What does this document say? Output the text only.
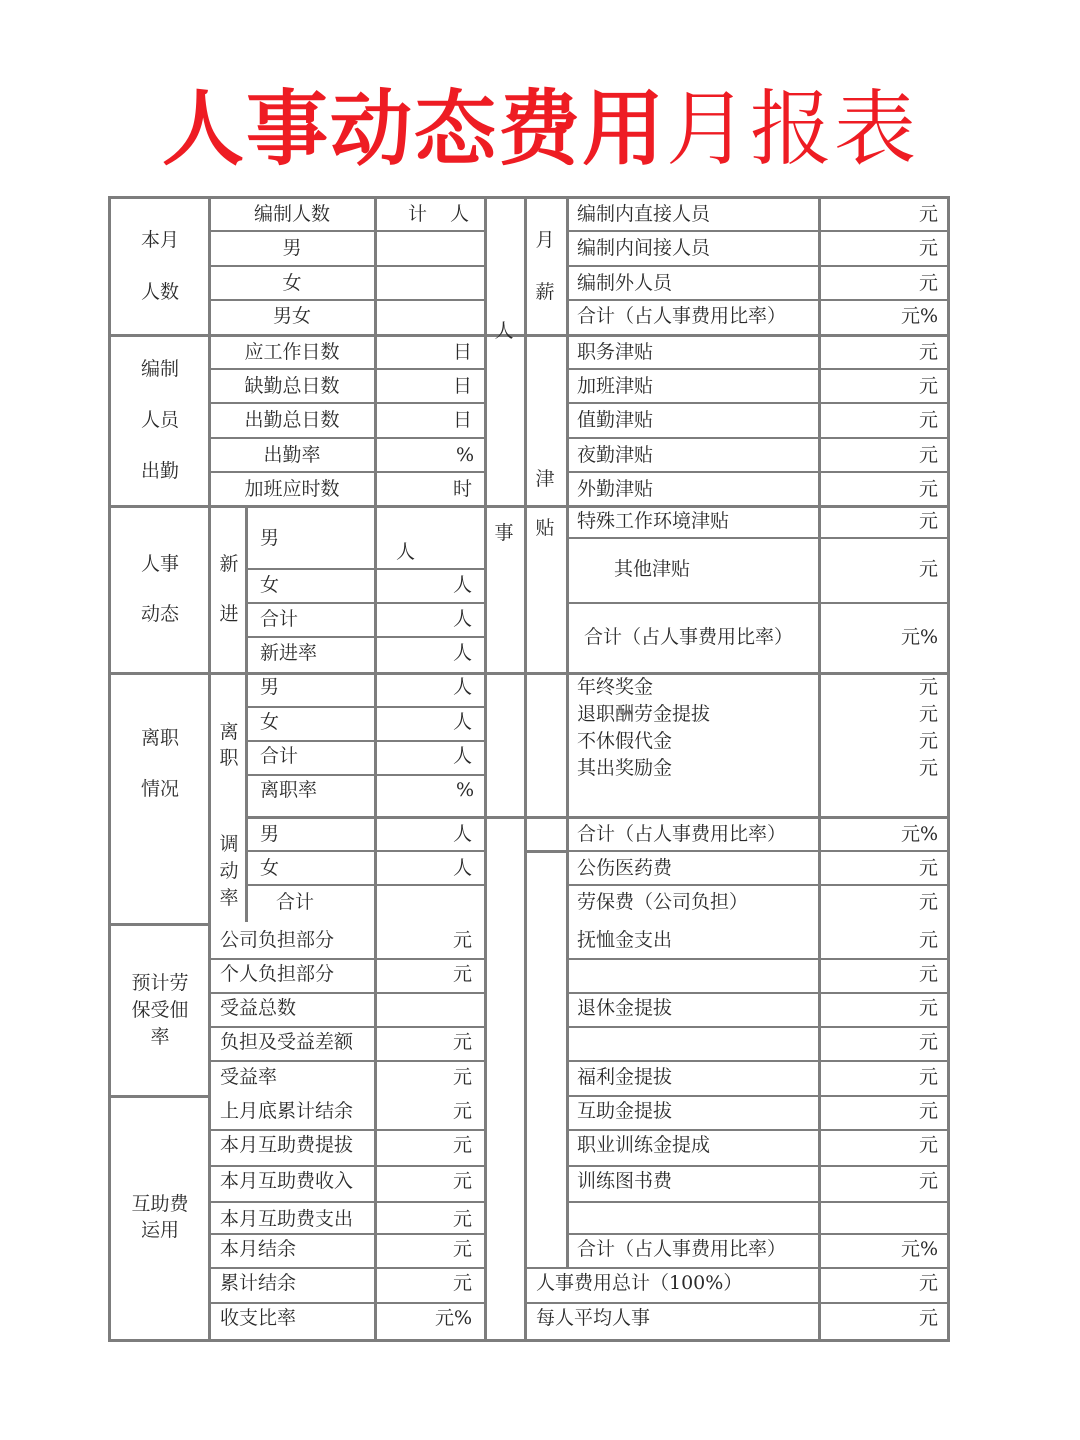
人事动态费用月报表
本月
人数
编制人数
男
女
男女
计 人
编制
人员
出勤
应工作日数
缺勤总日数
出勤总日数
出勤率
加班应时数
日
日
日
%
时
人事
动态
新
进
男
女
合计
新进率
人
人
人
人
离职
情况
离
职
男
女
合计
离职率
人
人
人
%
调
动
率
男
女
合计
人
人
预计劳
保受佃
率
公司负担部分
个人负担部分
受益总数
负担及受益差额
受益率
元
元
元
元
互助费
运用
上月底累计结余
本月互助费提拔
本月互助费收入
本月互助费支出
本月结余
累计结余
收支比率
元
元
元
元
元
元
元%
人
事
月
薪
津
贴
编制内直接人员
编制内间接人员
编制外人员
合计（占人事费用比率）
职务津贴
加班津贴
值勤津贴
夜勤津贴
外勤津贴
特殊工作环境津贴
其他津贴
合计（占人事费用比率）
年终奖金
退职酬劳金提拔
不休假代金
其出奖励金
合计（占人事费用比率）
公伤医药费
劳保费（公司负担）
抚恤金支出
退休金提拔
福利金提拔
互助金提拔
职业训练金提成
训练图书费
合计（占人事费用比率）
人事费用总计（100%）
每人平均人事
元
元
元
元%
元
元
元
元
元
元
元
元%
元
元
元
元
元%
元
元
元
元
元
元
元
元
元
元
元%
元
元
